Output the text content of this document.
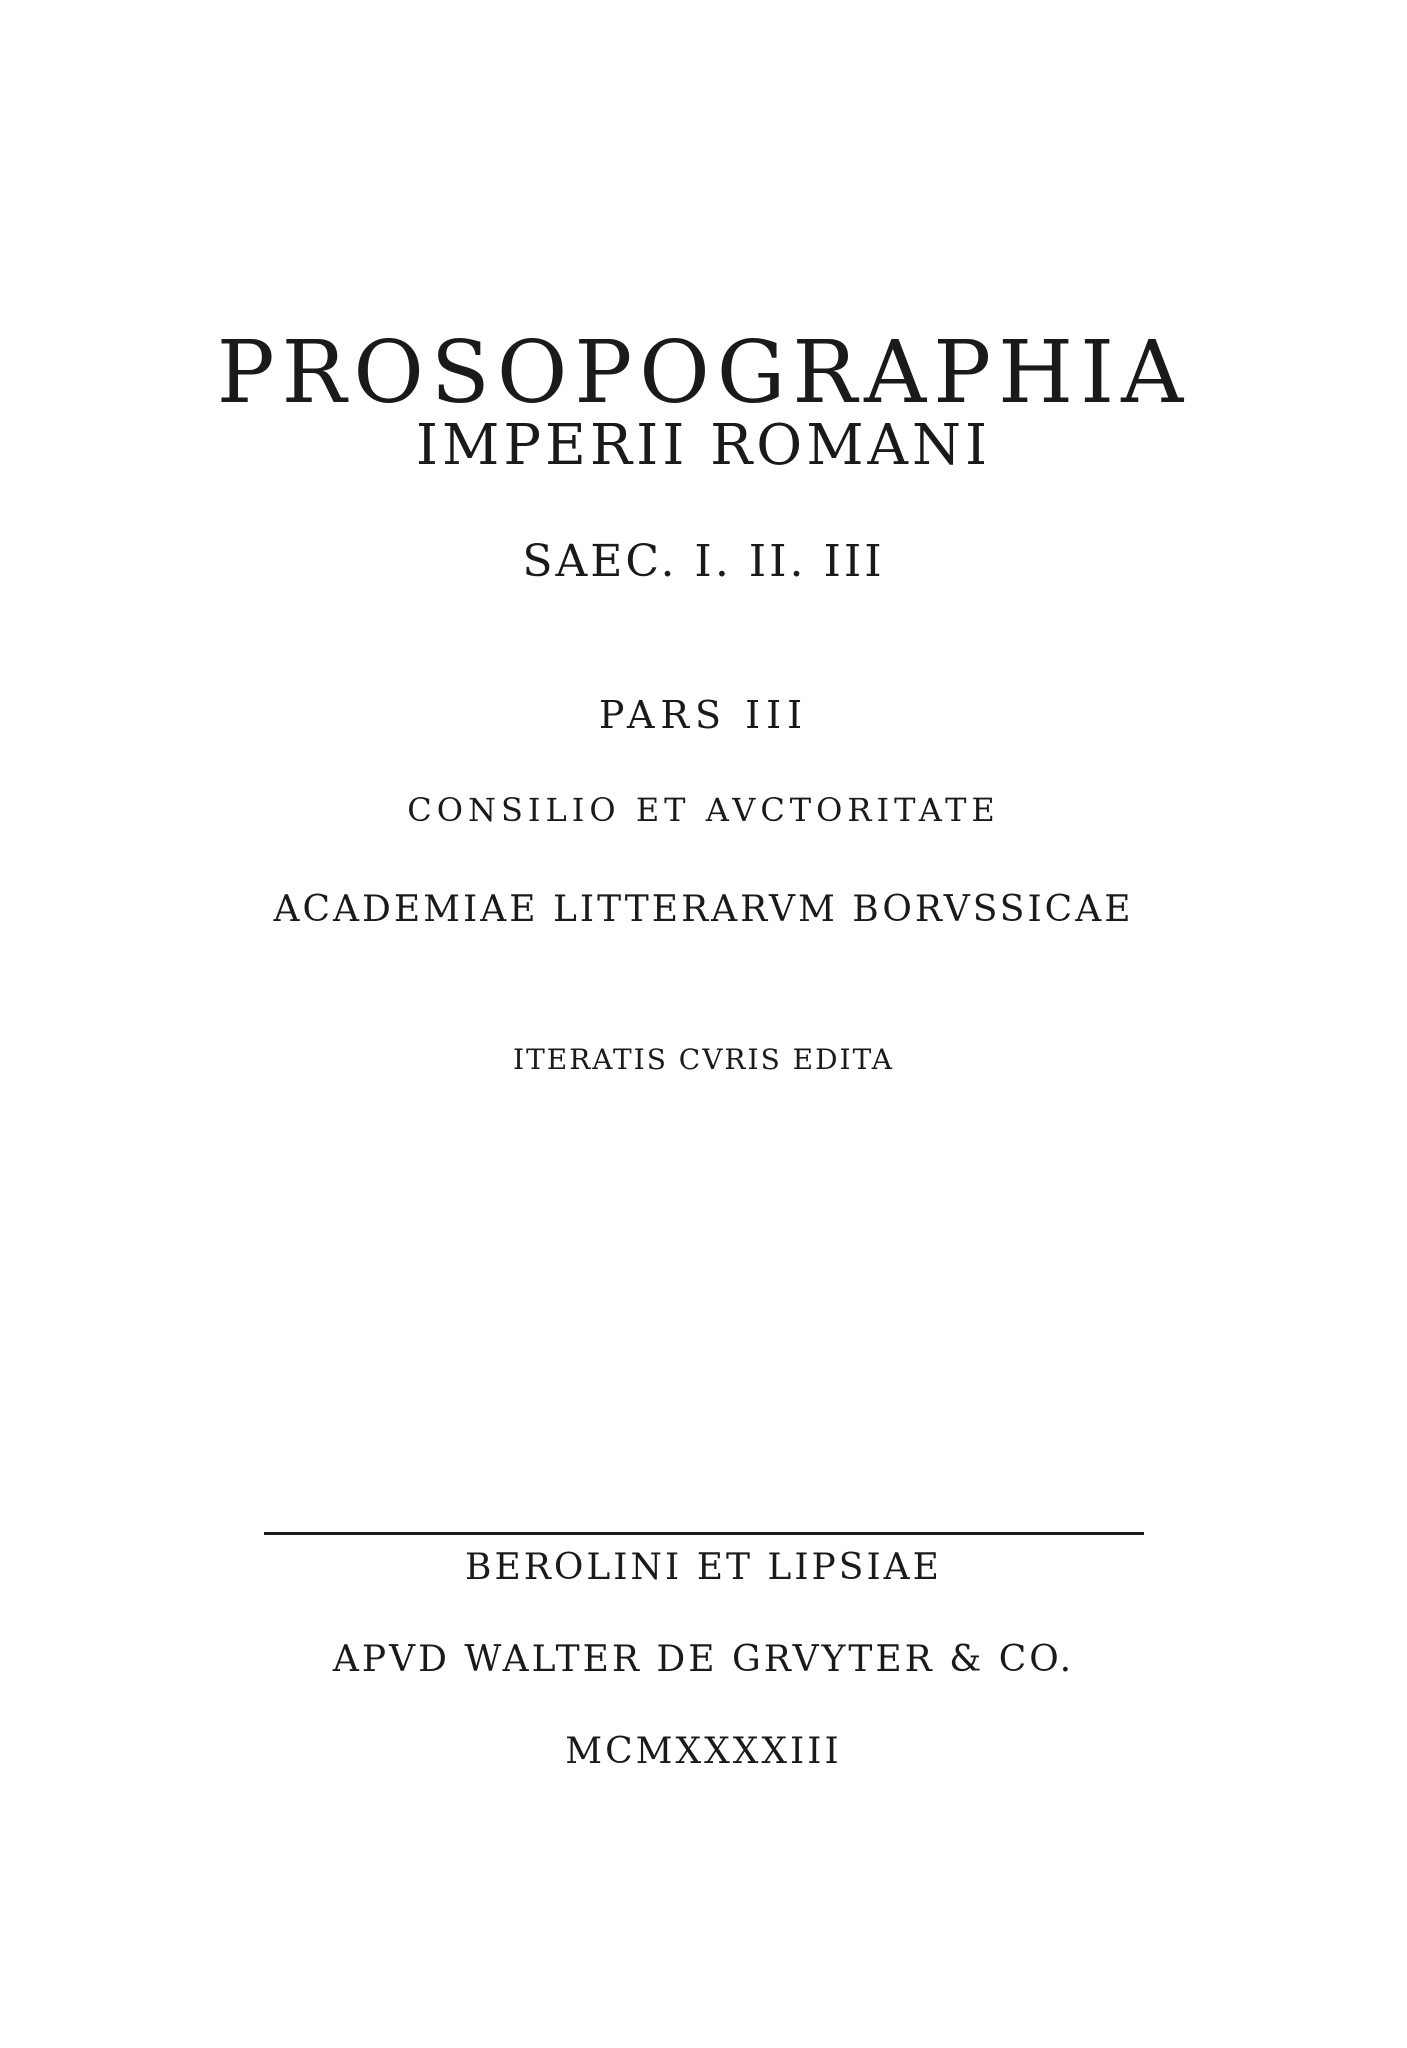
PROSOPOGRAPHIA
IMPERII ROMANI
SAEC. I. II. III
PARS III
CONSILIO ET AVCTORITATE
ACADEMIAE LITTERARVM BORVSSICAE
ITERATIS CVRIS EDITA
BEROLINI ET LIPSIAE
APVD WALTER DE GRVYTER & CO.
MCMXXXXIII
